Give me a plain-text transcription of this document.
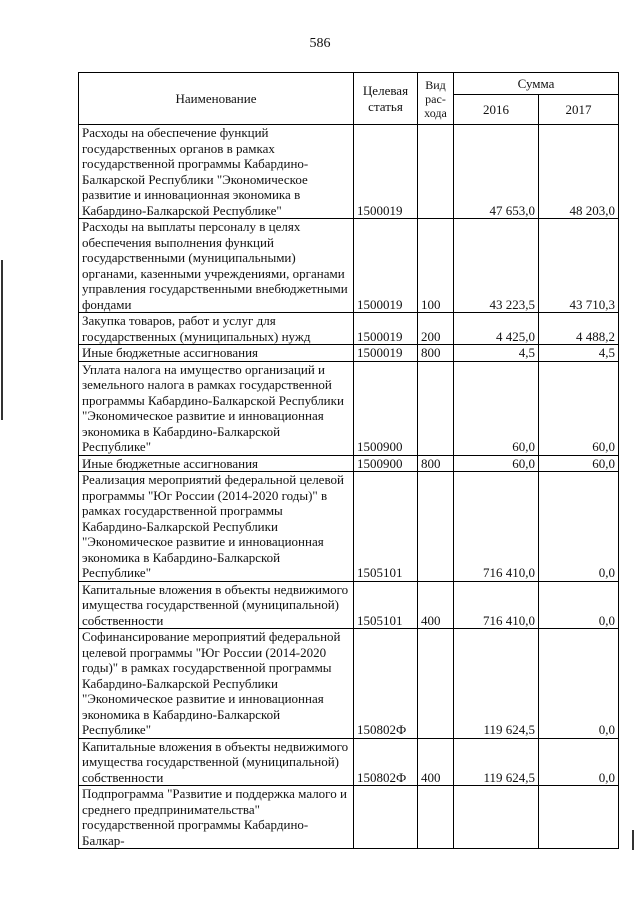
586
Наименование	Целевая статья	Вид рас-хода	Сумма	
			2016	2017
Расходы на обеспечение функций государственных органов в рамках государственной программы Кабардино-Балкарской Республики "Экономическое развитие и инновационная экономика в Кабардино-Балкарской Республике"	1500019		47 653,0	48 203,0
Расходы на выплаты персоналу в целях обеспечения выполнения функций государственными (муниципальными) органами, казенными учреждениями, органами управления государственными внебюджетными фондами	1500019	100	43 223,5	43 710,3
Закупка товаров, работ и услуг для государственных (муниципальных) нужд	1500019	200	4 425,0	4 488,2
Иные бюджетные ассигнования	1500019	800	4,5	4,5
Уплата налога на имущество организаций и земельного налога в рамках государственной программы Кабардино-Балкарской Республики "Экономическое развитие и инновационная экономика в Кабардино-Балкарской Республике"	1500900		60,0	60,0
Иные бюджетные ассигнования	1500900	800	60,0	60,0
Реализация мероприятий федеральной целевой программы "Юг России (2014-2020 годы)" в рамках государственной программы Кабардино-Балкарской Республики "Экономическое развитие и инновационная экономика в Кабардино-Балкарской Республике"	1505101		716 410,0	0,0
Капитальные вложения в объекты недвижимого имущества государственной (муниципальной) собственности	1505101	400	716 410,0	0,0
Софинансирование мероприятий федеральной целевой программы "Юг России (2014-2020 годы)" в рамках государственной программы Кабардино-Балкарской Республики "Экономическое развитие и инновационная экономика в Кабардино-Балкарской Республике"	150802Ф		119 624,5	0,0
Капитальные вложения в объекты недвижимого имущества государственной (муниципальной) собственности	150802Ф	400	119 624,5	0,0
Подпрограмма "Развитие и поддержка малого и среднего предпринимательства" государственной программы Кабардино-Балкар-				
